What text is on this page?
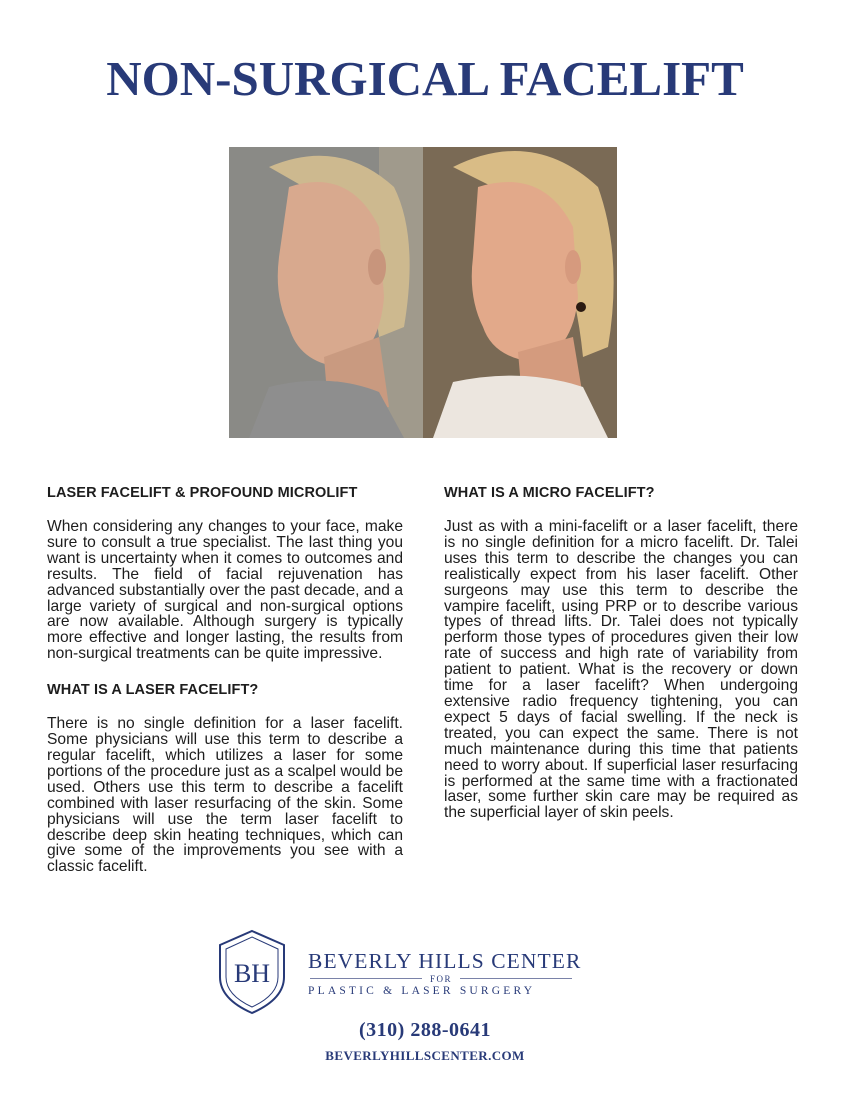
NON-SURGICAL FACELIFT
LASER FACELIFT & PROFOUND MICROLIFT

When considering any changes to your face, make sure to consult a true specialist. The last thing you want is uncertainty when it comes to outcomes and results. The field of facial rejuvenation has advanced substantially over the past decade, and a large variety of surgical and non-surgical options are now available. Although surgery is typically more effective and longer lasting, the results from non-surgical treatments can be quite impressive.

WHAT IS A LASER FACELIFT?

There is no single definition for a laser facelift. Some physicians will use this term to describe a regular facelift, which utilizes a laser for some portions of the procedure just as a scalpel would be used. Others use this term to describe a facelift combined with laser resurfacing of the skin. Some physicians will use the term laser facelift to describe deep skin heating techniques, which can give some of the improvements you see with a classic facelift.

WHAT IS A MICRO FACELIFT?

Just as with a mini-facelift or a laser facelift, there is no single definition for a micro facelift. Dr. Talei uses this term to describe the changes you can realistically expect from his laser facelift. Other surgeons may use this term to describe the vampire facelift, using PRP or to describe various types of thread lifts. Dr. Talei does not typically perform those types of procedures given their low rate of success and high rate of variability from patient to patient. What is the recovery or down time for a laser facelift? When undergoing extensive radio frequency tightening, you can expect 5 days of facial swelling. If the neck is treated, you can expect the same. There is not much maintenance during this time that patients need to worry about. If superficial laser resurfacing is performed at the same time with a fractionated laser, some further skin care may be required as the superficial layer of skin peels.

BH BEVERLY HILLS CENTER
FOR
PLASTIC & LASER SURGERY
(310) 288-0641
BEVERLYHILLSCENTER.COM
